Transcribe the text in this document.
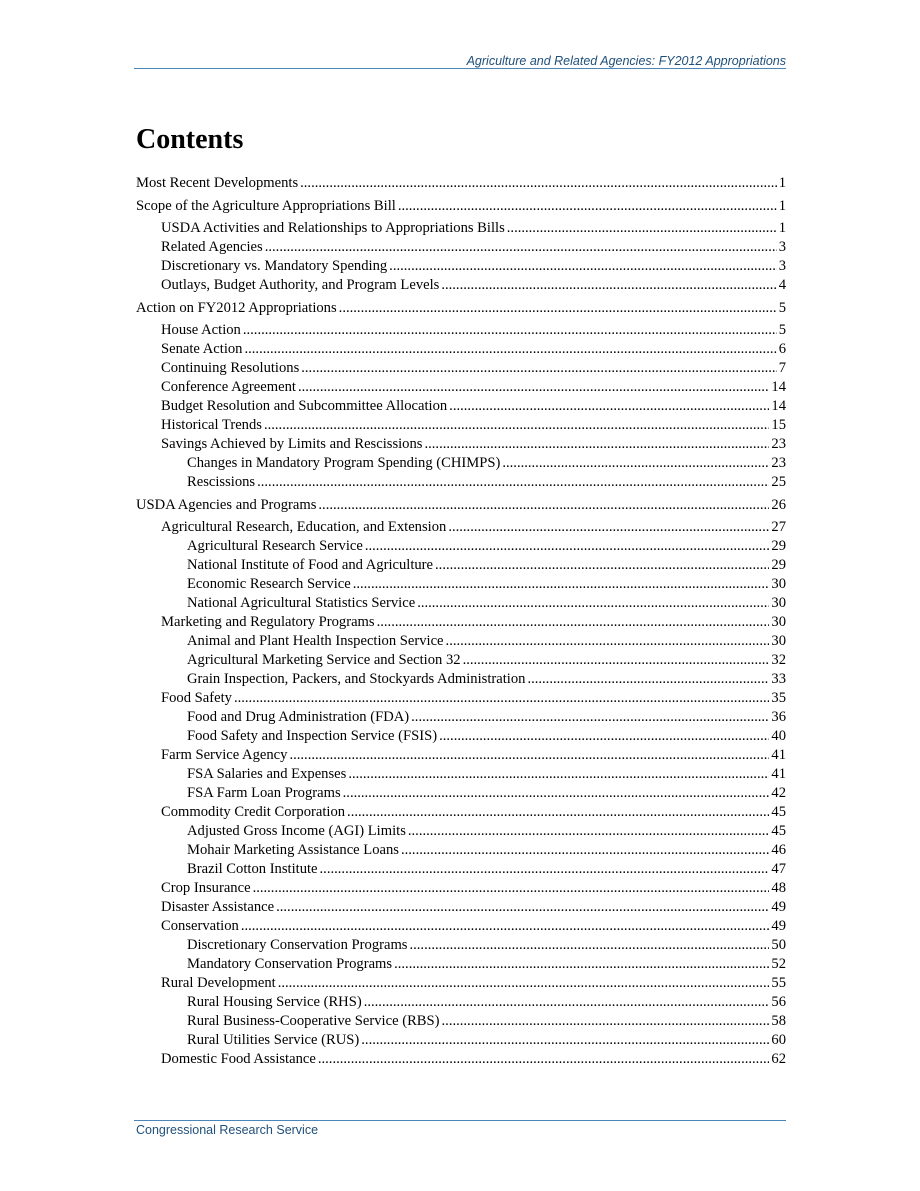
Agriculture and Related Agencies: FY2012 Appropriations
Contents
Most Recent Developments .....	1
Scope of the Agriculture Appropriations Bill .....	1
USDA Activities and Relationships to Appropriations Bills .....	1
Related Agencies .....	3
Discretionary vs. Mandatory Spending .....	3
Outlays, Budget Authority, and Program Levels .....	4
Action on FY2012 Appropriations .....	5
House Action .....	5
Senate Action .....	6
Continuing Resolutions .....	7
Conference Agreement .....	14
Budget Resolution and Subcommittee Allocation .....	14
Historical Trends .....	15
Savings Achieved by Limits and Rescissions .....	23
Changes in Mandatory Program Spending (CHIMPS) .....	23
Rescissions .....	25
USDA Agencies and Programs .....	26
Agricultural Research, Education, and Extension .....	27
Agricultural Research Service .....	29
National Institute of Food and Agriculture .....	29
Economic Research Service .....	30
National Agricultural Statistics Service .....	30
Marketing and Regulatory Programs .....	30
Animal and Plant Health Inspection Service .....	30
Agricultural Marketing Service and Section 32 .....	32
Grain Inspection, Packers, and Stockyards Administration .....	33
Food Safety .....	35
Food and Drug Administration (FDA) .....	36
Food Safety and Inspection Service (FSIS) .....	40
Farm Service Agency .....	41
FSA Salaries and Expenses .....	41
FSA Farm Loan Programs .....	42
Commodity Credit Corporation .....	45
Adjusted Gross Income (AGI) Limits .....	45
Mohair Marketing Assistance Loans .....	46
Brazil Cotton Institute .....	47
Crop Insurance .....	48
Disaster Assistance .....	49
Conservation .....	49
Discretionary Conservation Programs .....	50
Mandatory Conservation Programs .....	52
Rural Development .....	55
Rural Housing Service (RHS) .....	56
Rural Business-Cooperative Service (RBS) .....	58
Rural Utilities Service (RUS) .....	60
Domestic Food Assistance .....	62
Congressional Research Service
